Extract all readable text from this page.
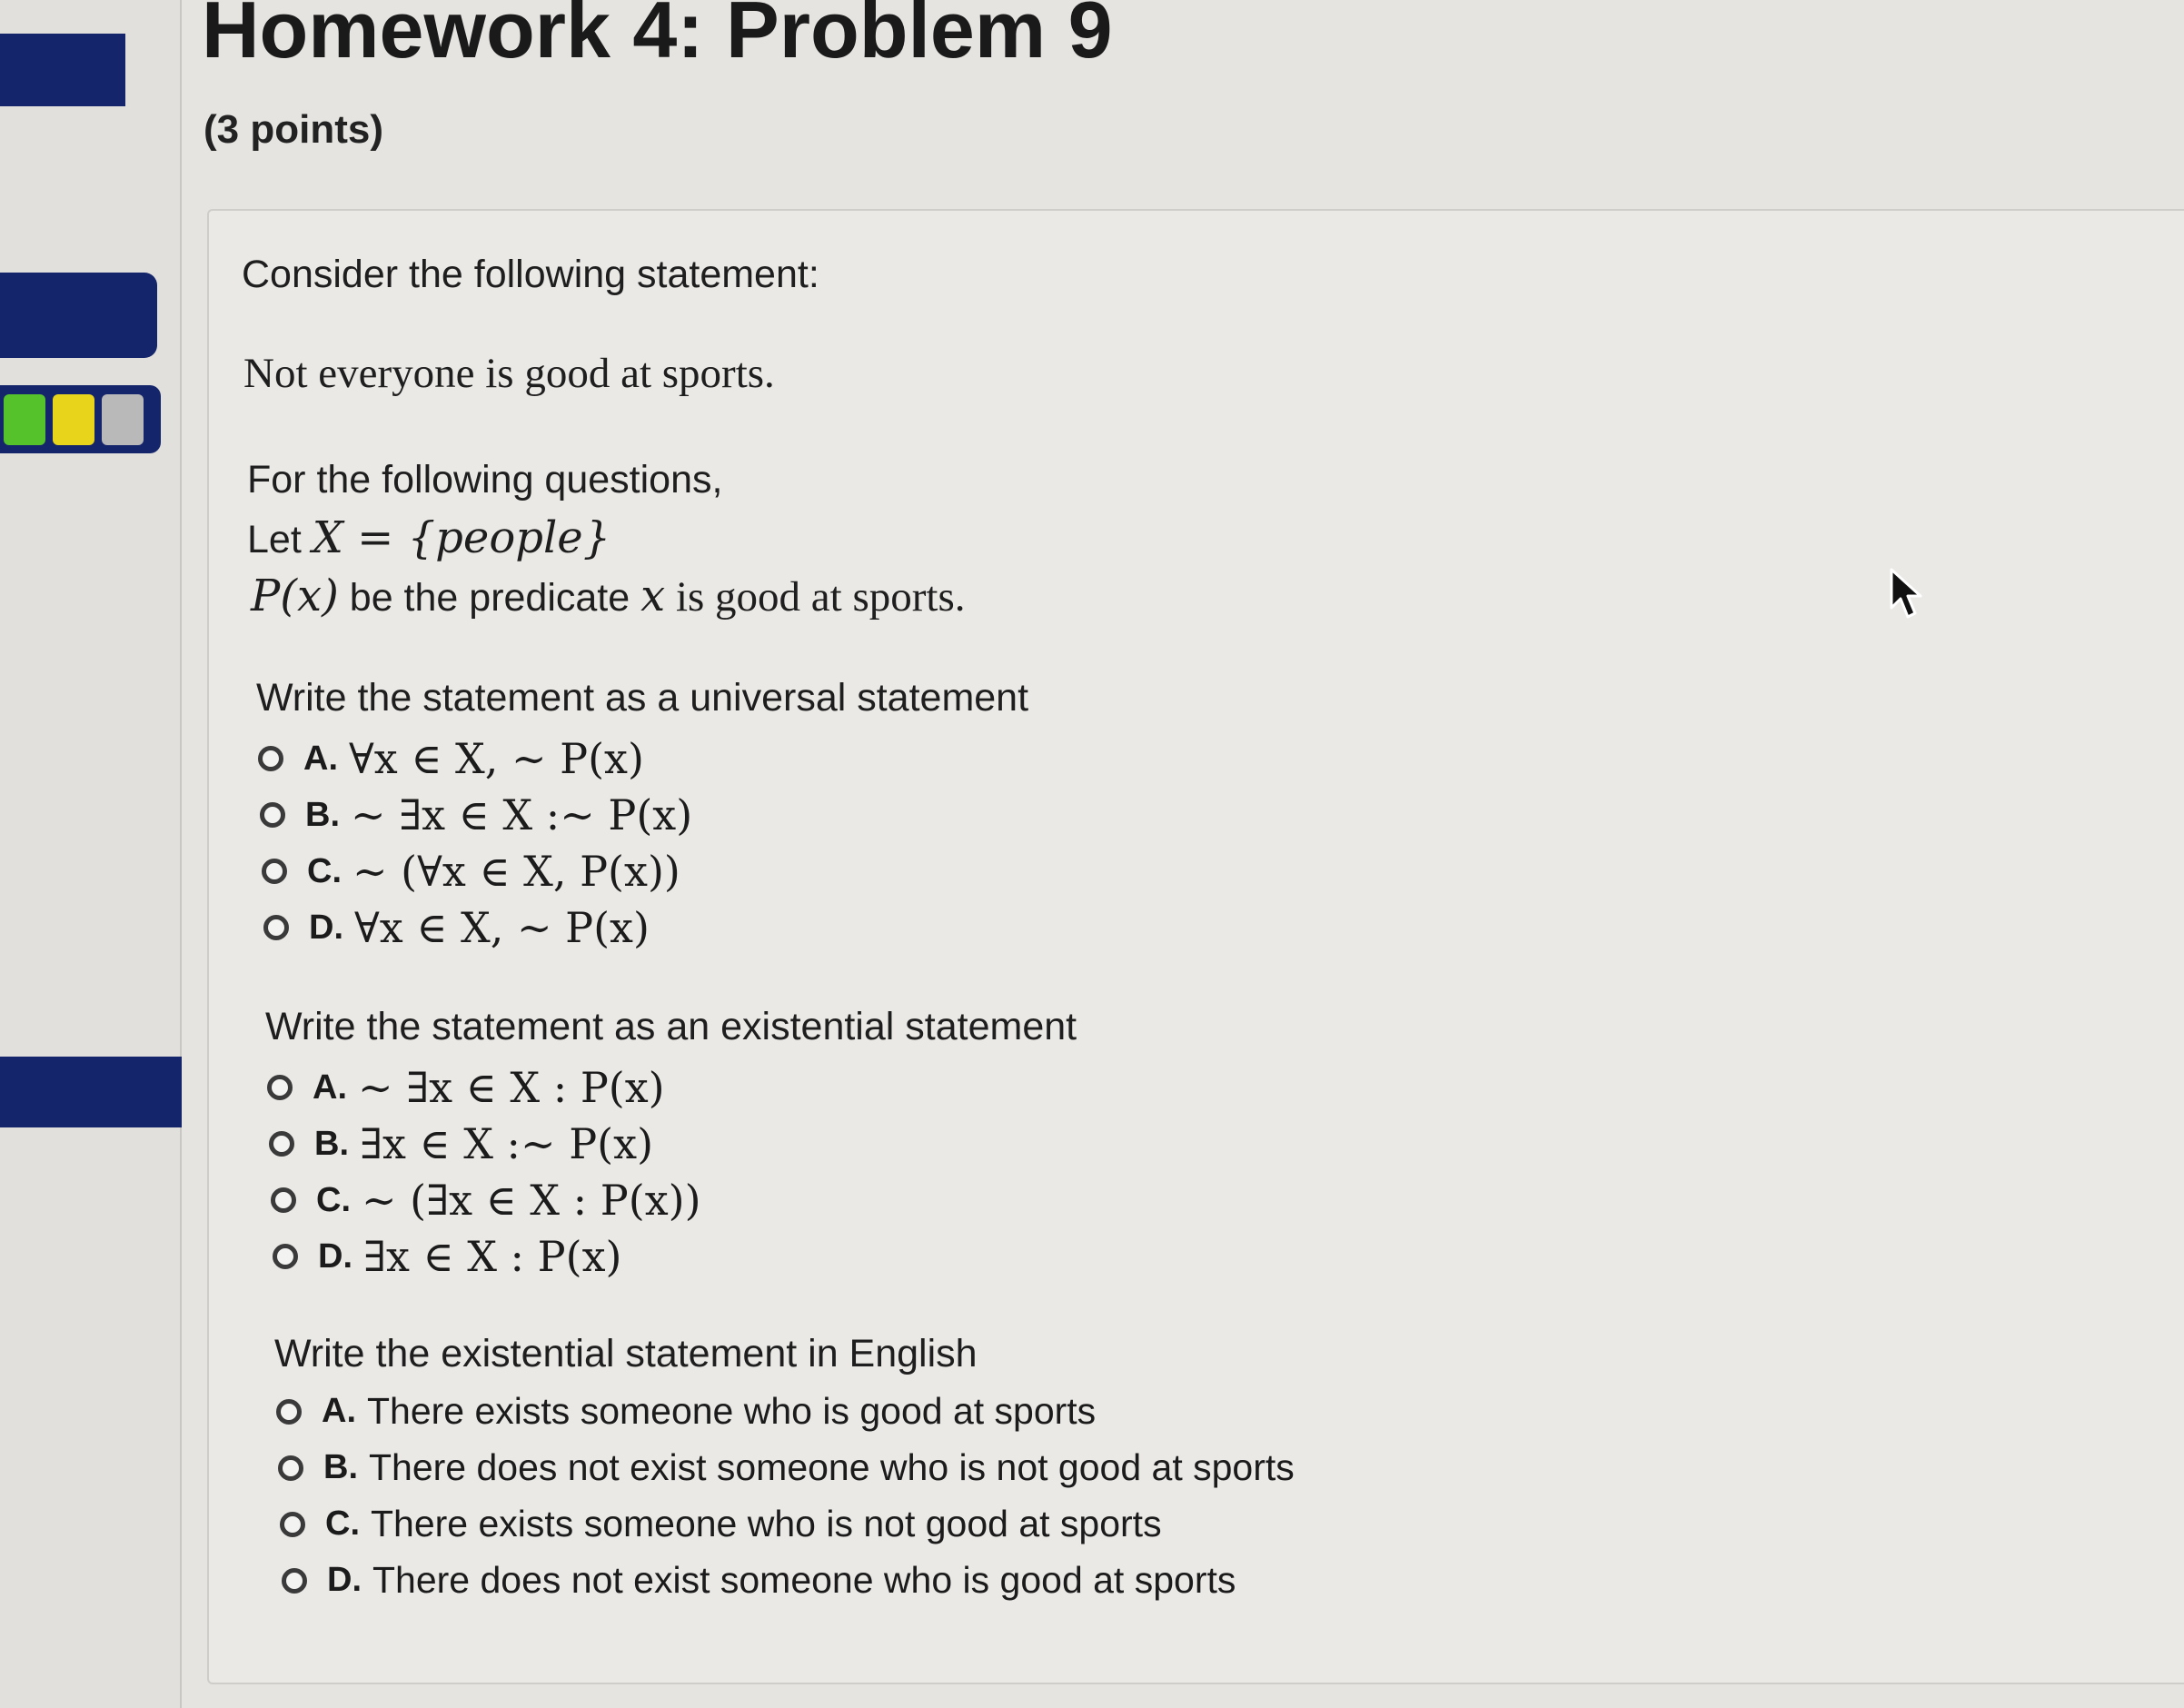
Homework 4: Problem 9
(3 points)
Consider the following statement:
Not everyone is good at sports.
For the following questions,
Let X = {people}
P(x) be the predicate x is good at sports.
Write the statement as a universal statement
A. ∀x ∈ X, ∼ P(x)
B. ∼ ∃x ∈ X :∼ P(x)
C. ∼ (∀x ∈ X, P(x))
D. ∀x ∈ X, ∼ P(x)
Write the statement as an existential statement
A. ∼ ∃x ∈ X : P(x)
B. ∃x ∈ X :∼ P(x)
C. ∼ (∃x ∈ X : P(x))
D. ∃x ∈ X : P(x)
Write the existential statement in English
A. There exists someone who is good at sports
B. There does not exist someone who is not good at sports
C. There exists someone who is not good at sports
D. There does not exist someone who is good at sports
